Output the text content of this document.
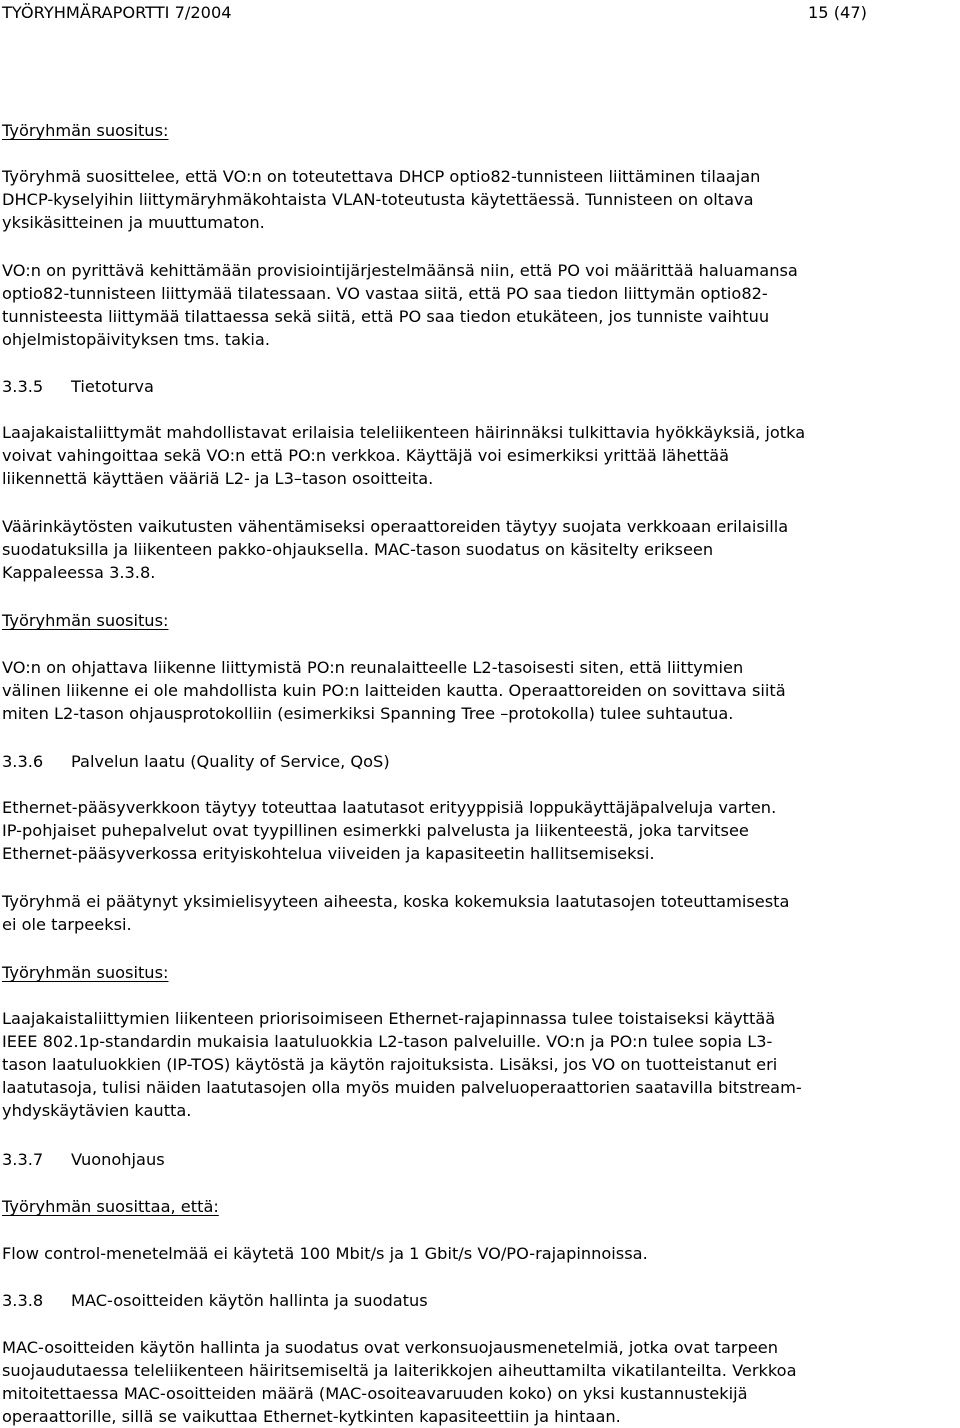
TYÖRYHMÄRAPORTTI 7/2004	15 (47)
Työryhmän suositus:

Työryhmä suosittelee, että VO:n on toteutettava DHCP optio82-tunnisteen liittäminen tilaajan
DHCP-kyselyihin liittymäryhmäkohtaista VLAN-toteutusta käytettäessä. Tunnisteen on oltava
yksikäsitteinen ja muuttumaton.

VO:n on pyrittävä kehittämään provisiointijärjestelmäänsä niin, että PO voi määrittää haluamansa
optio82-tunnisteen liittymää tilatessaan. VO vastaa siitä, että PO saa tiedon liittymän optio82-
tunnisteesta liittymää tilattaessa sekä siitä, että PO saa tiedon etukäteen, jos tunniste vaihtuu
ohjelmistopäivityksen tms. takia.

3.3.5 Tietoturva

Laajakaistaliittymät mahdollistavat erilaisia teleliikenteen häirinnäksi tulkittavia hyökkäyksiä, jotka
voivat vahingoittaa sekä VO:n että PO:n verkkoa. Käyttäjä voi esimerkiksi yrittää lähettää
liikennettä käyttäen vääriä L2- ja L3–tason osoitteita.

Väärinkäytösten vaikutusten vähentämiseksi operaattoreiden täytyy suojata verkkoaan erilaisilla
suodatuksilla ja liikenteen pakko-ohjauksella. MAC-tason suodatus on käsitelty erikseen
Kappaleessa 3.3.8.

Työryhmän suositus:

VO:n on ohjattava liikenne liittymistä PO:n reunalaitteelle L2-tasoisesti siten, että liittymien
välinen liikenne ei ole mahdollista kuin PO:n laitteiden kautta. Operaattoreiden on sovittava siitä
miten L2-tason ohjausprotokolliin (esimerkiksi Spanning Tree –protokolla) tulee suhtautua.

3.3.6 Palvelun laatu (Quality of Service, QoS)

Ethernet-pääsyverkkoon täytyy toteuttaa laatutasot erityyppisiä loppukäyttäjäpalveluja varten.
IP-pohjaiset puhepalvelut ovat tyypillinen esimerkki palvelusta ja liikenteestä, joka tarvitsee
Ethernet-pääsyverkossa erityiskohtelua viiveiden ja kapasiteetin hallitsemiseksi.

Työryhmä ei päätynyt yksimielisyyteen aiheesta, koska kokemuksia laatutasojen toteuttamisesta
ei ole tarpeeksi.

Työryhmän suositus:

Laajakaistaliittymien liikenteen priorisoimiseen Ethernet-rajapinnassa tulee toistaiseksi käyttää
IEEE 802.1p-standardin mukaisia laatuluokkia L2-tason palveluille. VO:n ja PO:n tulee sopia L3-
tason laatuluokkien (IP-TOS) käytöstä ja käytön rajoituksista. Lisäksi, jos VO on tuotteistanut eri
laatutasoja, tulisi näiden laatutasojen olla myös muiden palveluoperaattorien saatavilla bitstream-
yhdyskäytävien kautta.

3.3.7 Vuonohjaus
Työryhmän suosittaa, että:

Flow control-menetelmää ei käytetä 100 Mbit/s ja 1 Gbit/s VO/PO-rajapinnoissa.

3.3.8 MAC-osoitteiden käytön hallinta ja suodatus

MAC-osoitteiden käytön hallinta ja suodatus ovat verkonsuojausmenetelmiä, jotka ovat tarpeen
suojaudutaessa teleliikenteen häiritsemiseltä ja laiterikkojen aiheuttamilta vikatilanteilta. Verkkoa
mitoitettaessa MAC-osoitteiden määrä (MAC-osoiteavaruuden koko) on yksi kustannustekijä
operaattorille, sillä se vaikuttaa Ethernet-kytkinten kapasiteettiin ja hintaan.
